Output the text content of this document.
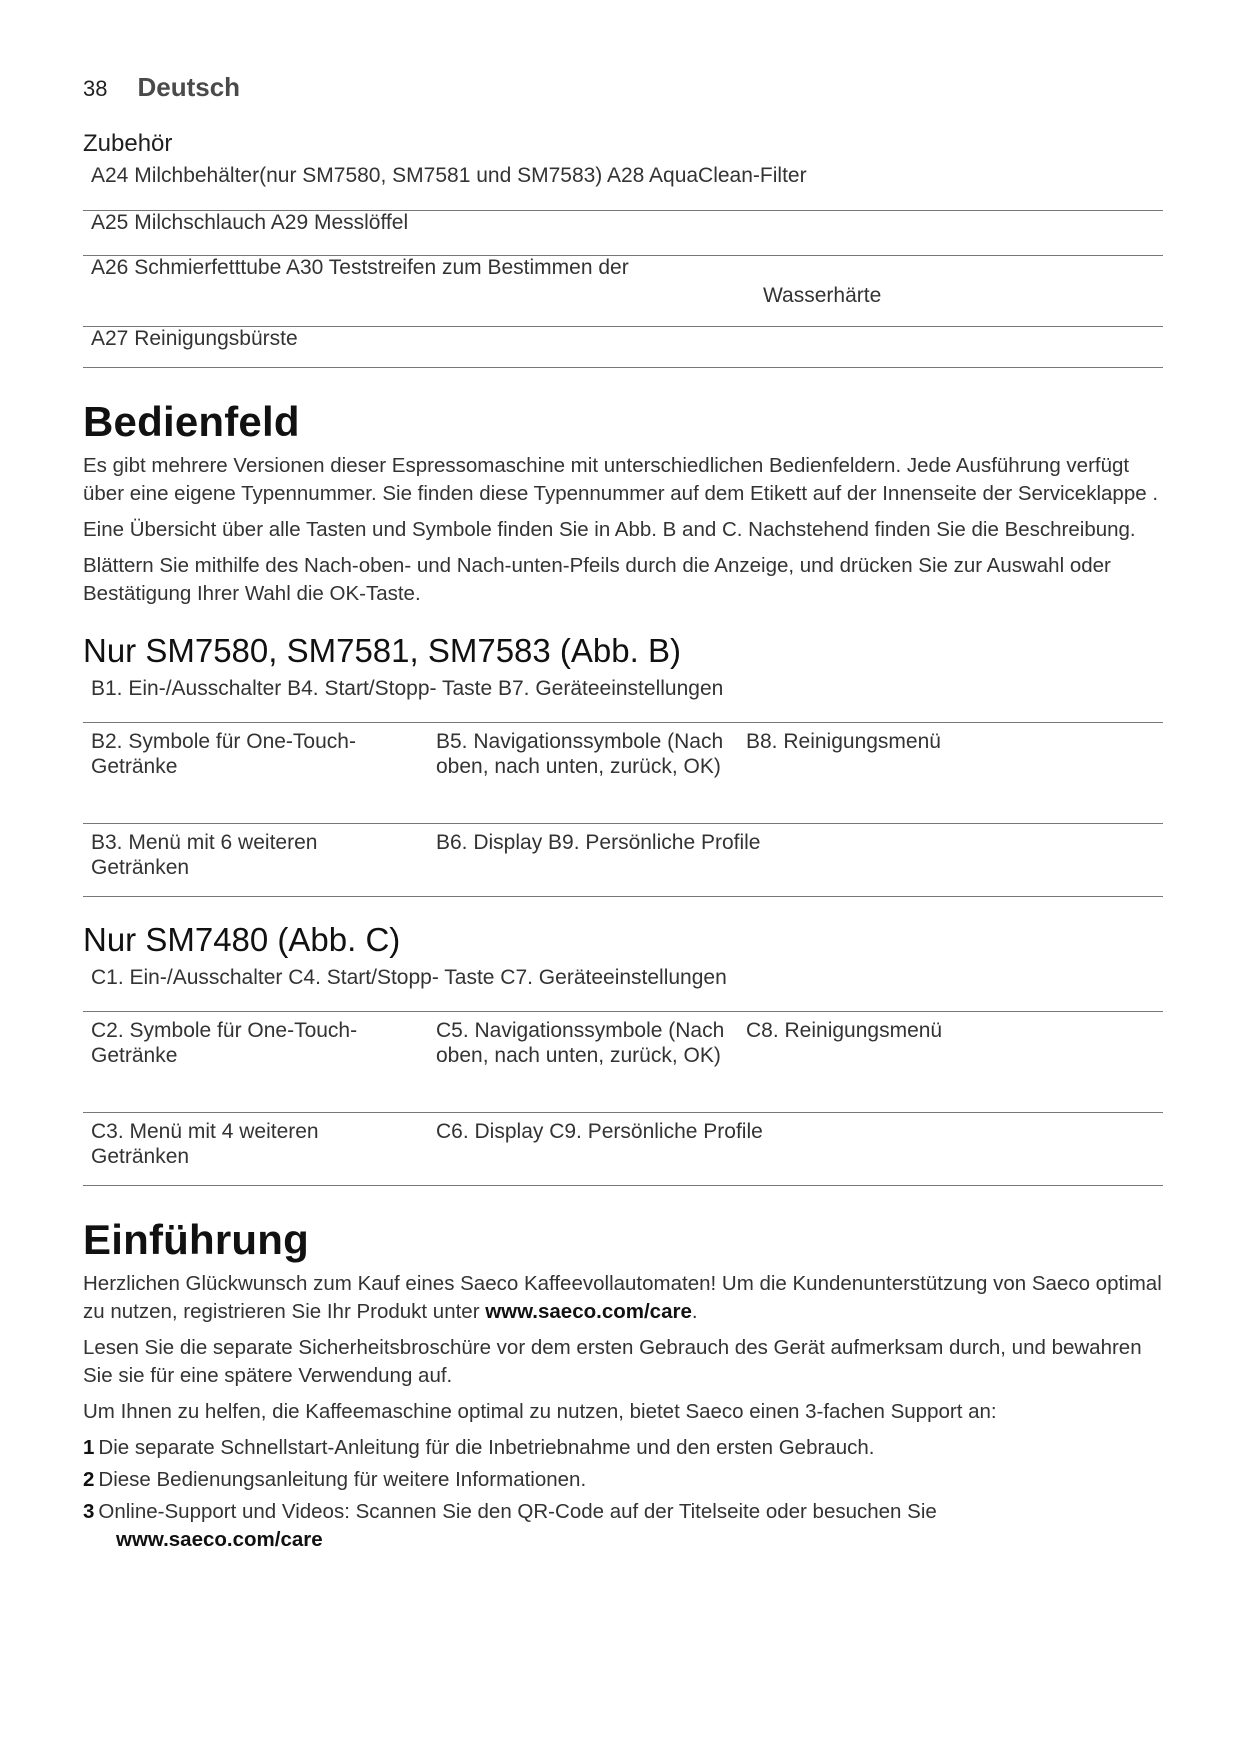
38 Deutsch
Zubehör
A24 Milchbehälter(nur SM7580, SM7581 und SM7583) A28 AquaClean-Filter
A25 Milchschlauch A29 Messlöffel
A26 Schmierfetttube A30 Teststreifen zum Bestimmen der
Wasserhärte

A27 Reinigungsbürste
Bedienfeld

Es gibt mehrere Versionen dieser Espressomaschine mit unterschiedlichen Bedienfeldern. Jede Ausführung verfügt über eine eigene Typennummer. Sie finden diese Typennummer auf dem Etikett auf der Innenseite der Serviceklappe .

Eine Übersicht über alle Tasten und Symbole finden Sie in Abb. B and C. Nachstehend finden Sie die Beschreibung.

Blättern Sie mithilfe des Nach-oben- und Nach-unten-Pfeils durch die Anzeige, und drücken Sie zur Auswahl oder Bestätigung Ihrer Wahl die OK-Taste.

Nur SM7580, SM7581, SM7583 (Abb. B)
B1. Ein-/Ausschalter B4. Start/Stopp- Taste B7. Geräteeinstellungen		
B2. Symbole für One-Touch-Getränke	B5. Navigationssymbole (Nach oben, nach unten, zurück, OK)	B8. Reinigungsmenü
B3. Menü mit 6 weiteren Getränken	B6. Display B9. Persönliche Profile	
Nur SM7480 (Abb. C)
C1. Ein-/Ausschalter C4. Start/Stopp- Taste C7. Geräteeinstellungen		
C2. Symbole für One-Touch-Getränke	C5. Navigationssymbole (Nach oben, nach unten, zurück, OK)	C8. Reinigungsmenü
C3. Menü mit 4 weiteren Getränken	C6. Display C9. Persönliche Profile	
Einführung

Herzlichen Glückwunsch zum Kauf eines Saeco Kaffeevollautomaten! Um die Kundenunterstützung von Saeco optimal zu nutzen, registrieren Sie Ihr Produkt unter www.saeco.com/care.

Lesen Sie die separate Sicherheitsbroschüre vor dem ersten Gebrauch des Gerät aufmerksam durch, und bewahren Sie sie für eine spätere Verwendung auf.

Um Ihnen zu helfen, die Kaffeemaschine optimal zu nutzen, bietet Saeco einen 3-fachen Support an:

1 Die separate Schnellstart-Anleitung für die Inbetriebnahme und den ersten Gebrauch.
2 Diese Bedienungsanleitung für weitere Informationen.
3 Online-Support und Videos: Scannen Sie den QR-Code auf der Titelseite oder besuchen Sie
www.saeco.com/care
